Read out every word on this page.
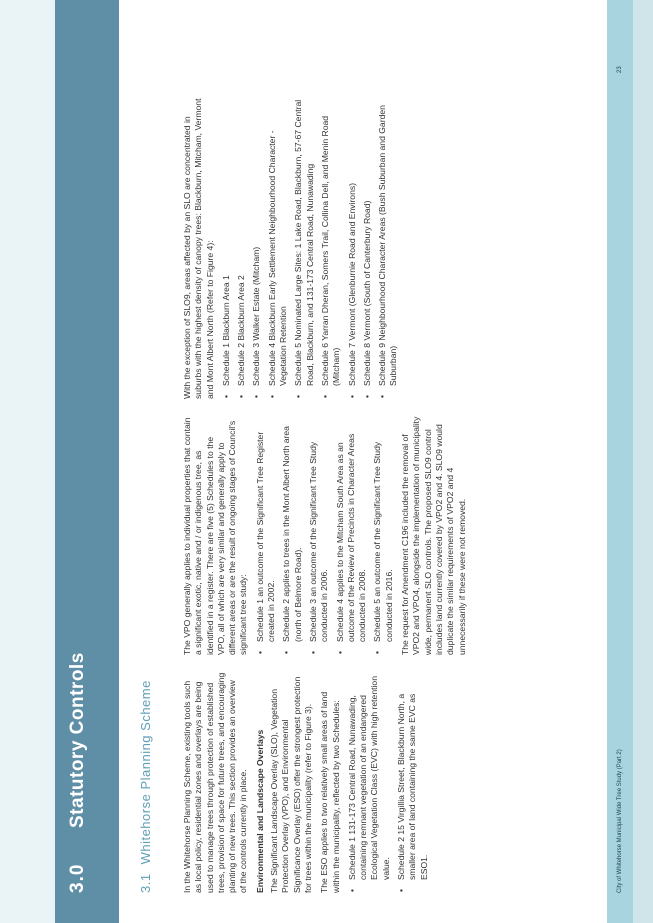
3.0
Statutory Controls
3.1Whitehorse Planning Scheme	In the Whitehorse Planning Scheme, existing tools such as local policy, residential zones and overlays are being used to manage trees through protection of established trees, provision of space for future trees, and encouraging planting of new trees. This section provides an overview of the controls currently in place. Environmental and Landscape Overlays The Significant Landscape Overlay (SLO), Vegetation Protection Overlay (VPO), and Environmental Significance Overlay (ESO) offer the strongest protection for trees within the municipality (refer to Figure 3). The ESO applies to two relatively small areas of land within the municipality, reflected by two Schedules: • Schedule 1 131-173 Central Road, Nunawading, containing remnant vegetation of an endangered Ecological Vegetation Class (EVC) with high retention value. • Schedule 2 15 Virgillia Street, Blackburn North, a smaller area of land containing the same EVC as ESO1.

The VPO generally applies to individual properties that contain a significant exotic, native and / or indigenous tree, as identified in a register. There are five (5) Schedules to the VPO, all of which are very similar and generally apply to different areas or are the result of ongoing stages of Council's significant tree study: • Schedule 1 an outcome of the Significant Tree Register created in 2002. • Schedule 2 applies to trees in the Mont Albert North area (north of Belmore Road). • Schedule 3 an outcome of the Significant Tree Study conducted in 2006. • Schedule 4 applies to the Mitcham South Area as an outcome of the Review of Precincts in Character Areas conducted in 2008. • Schedule 5 an outcome of the Significant Tree Study conducted in 2016. The request for Amendment C196 included the removal of VPO2 and VPO4, alongside the implementation of municipality wide, permanent SLO controls. The proposed SLO9 control includes land currently covered by VPO2 and 4. SLO9 would duplicate the similar requirements of VPO2 and 4 unnecessarily if these were not removed.

With the exception of SLO9, areas affected by an SLO are concentrated in suburbs with the highest density of canopy trees: Blackburn, Mitcham, Vermont and Mont Albert North (Refer to Figure 4): • Schedule 1 Blackburn Area 1 • Schedule 2 Blackburn Area 2 • Schedule 3 Walker Estate (Mitcham) • Schedule 4 Blackburn Early Settlement Neighbourhood Character - Vegetation Retention • Schedule 5 Nominated Large Sites: 1 Lake Road, Blackburn, 57-67 Central Road, Blackburn, and 131-173 Central Road, Nunawading • Schedule 6 Yarran Dheran, Somers Trail, Collina Dell, and Menin Road (Mitcham) • Schedule 7 Vermont (Glenburnie Road and Environs) • Schedule 8 Vermont (South of Canterbury Road) • Schedule 9 Neighbourhood Character Areas (Bush Suburban and Garden Suburban)
City of Whitehorse Municipal Wide Tree Study (Part 2)
23
